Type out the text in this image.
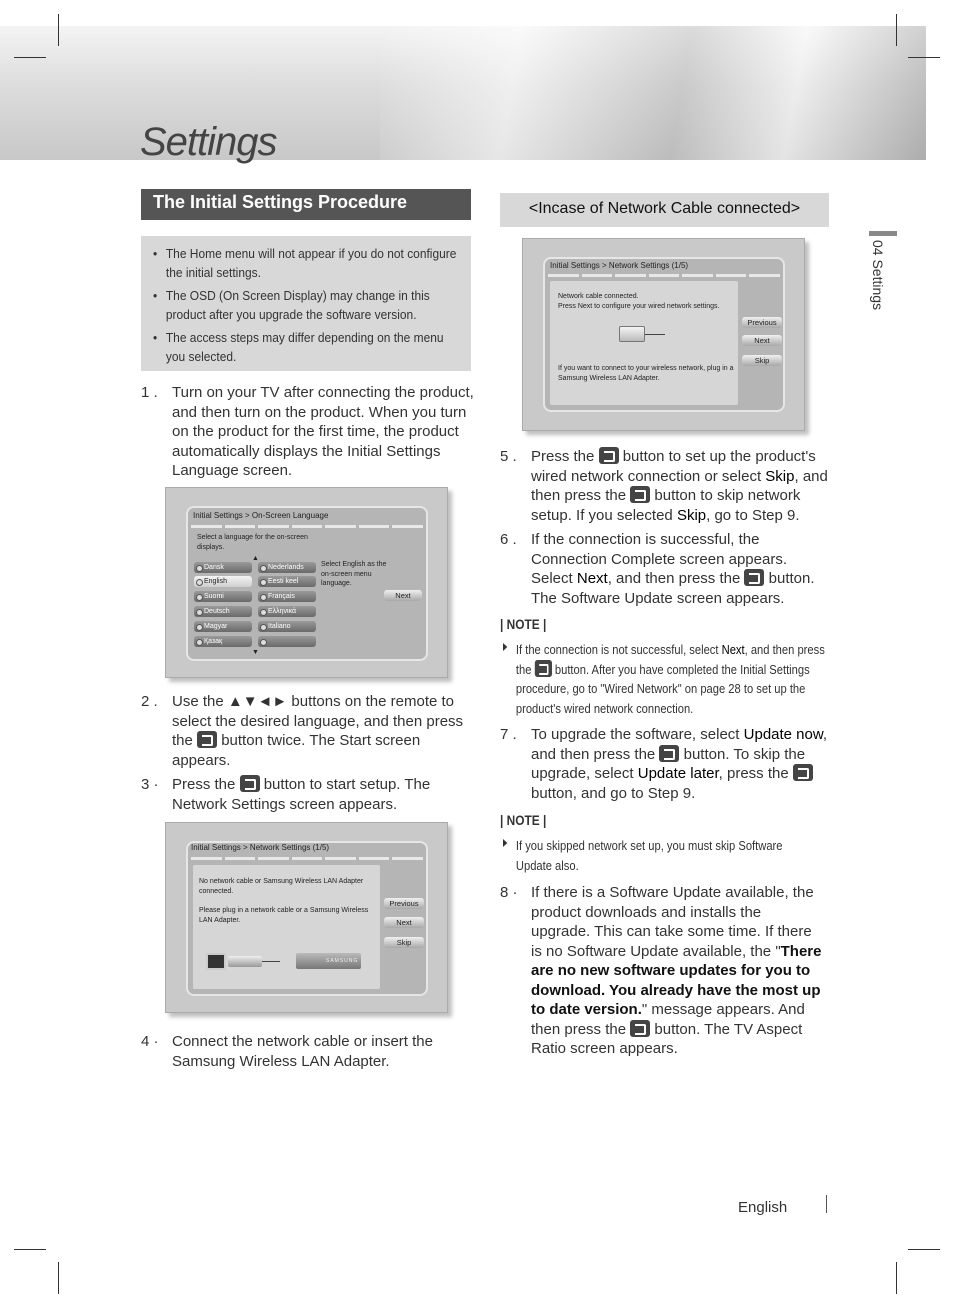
Settings
The Initial Settings Procedure
• The Home menu will not appear if you do not configure the initial settings.
• The OSD (On Screen Display) may change in this product after you upgrade the software version.
• The access steps may differ depending on the menu you selected.
1 . Turn on your TV after connecting the product, and then turn on the product. When you turn on the product for the first time, the product automatically displays the Initial Settings Language screen.
Initial Settings > On-Screen Language
Select a language for the on-screen displays.
▲
Dansk
English
Suomi
Deutsch
Magyar
Қазақ
Nederlands
Eesti keel
Français
Ελληνικά
Italiano
▼
Select English as the on-screen menu language.
Next
2 . Use the ▲▼◄► buttons on the remote to select the desired language, and then press the button twice. The Start screen appears.
3 · Press the button to start setup. The Network Settings screen appears.
Initial Settings > Network Settings (1/5)
No network cable or Samsung Wireless LAN Adapter connected.
Please plug in a network cable or a Samsung Wireless LAN Adapter.
SAMSUNG
Previous
Next
Skip
4 · Connect the network cable or insert the Samsung Wireless LAN Adapter.
<Incase of Network Cable connected>
Initial Settings > Network Settings (1/5)
Network cable connected.
Press Next to configure your wired network settings.
If you want to connect to your wireless network, plug in a Samsung Wireless LAN Adapter.
Previous
Next
Skip
5 . Press the button to set up the product's wired network connection or select Skip, and then press the button to skip network setup. If you selected Skip, go to Step 9.
6 . If the connection is successful, the Connection Complete screen appears. Select Next, and then press the button. The Software Update screen appears.
| NOTE |
If the connection is not successful, select Next, and then press the button. After you have completed the Initial Settings procedure, go to "Wired Network" on page 28 to set up the product's wired network connection.
7 . To upgrade the software, select Update now, and then press the button. To skip the upgrade, select Update later, press the  button, and go to Step 9.
| NOTE |
If you skipped network set up, you must skip Software Update also.
8 · If there is a Software Update available, the product downloads and installs the upgrade. This can take some time. If there is no Software Update available, the "There are no new software updates for you to download. You already have the most up to date version." message appears. And then press the button. The TV Aspect Ratio screen appears.
04 Settings
English
